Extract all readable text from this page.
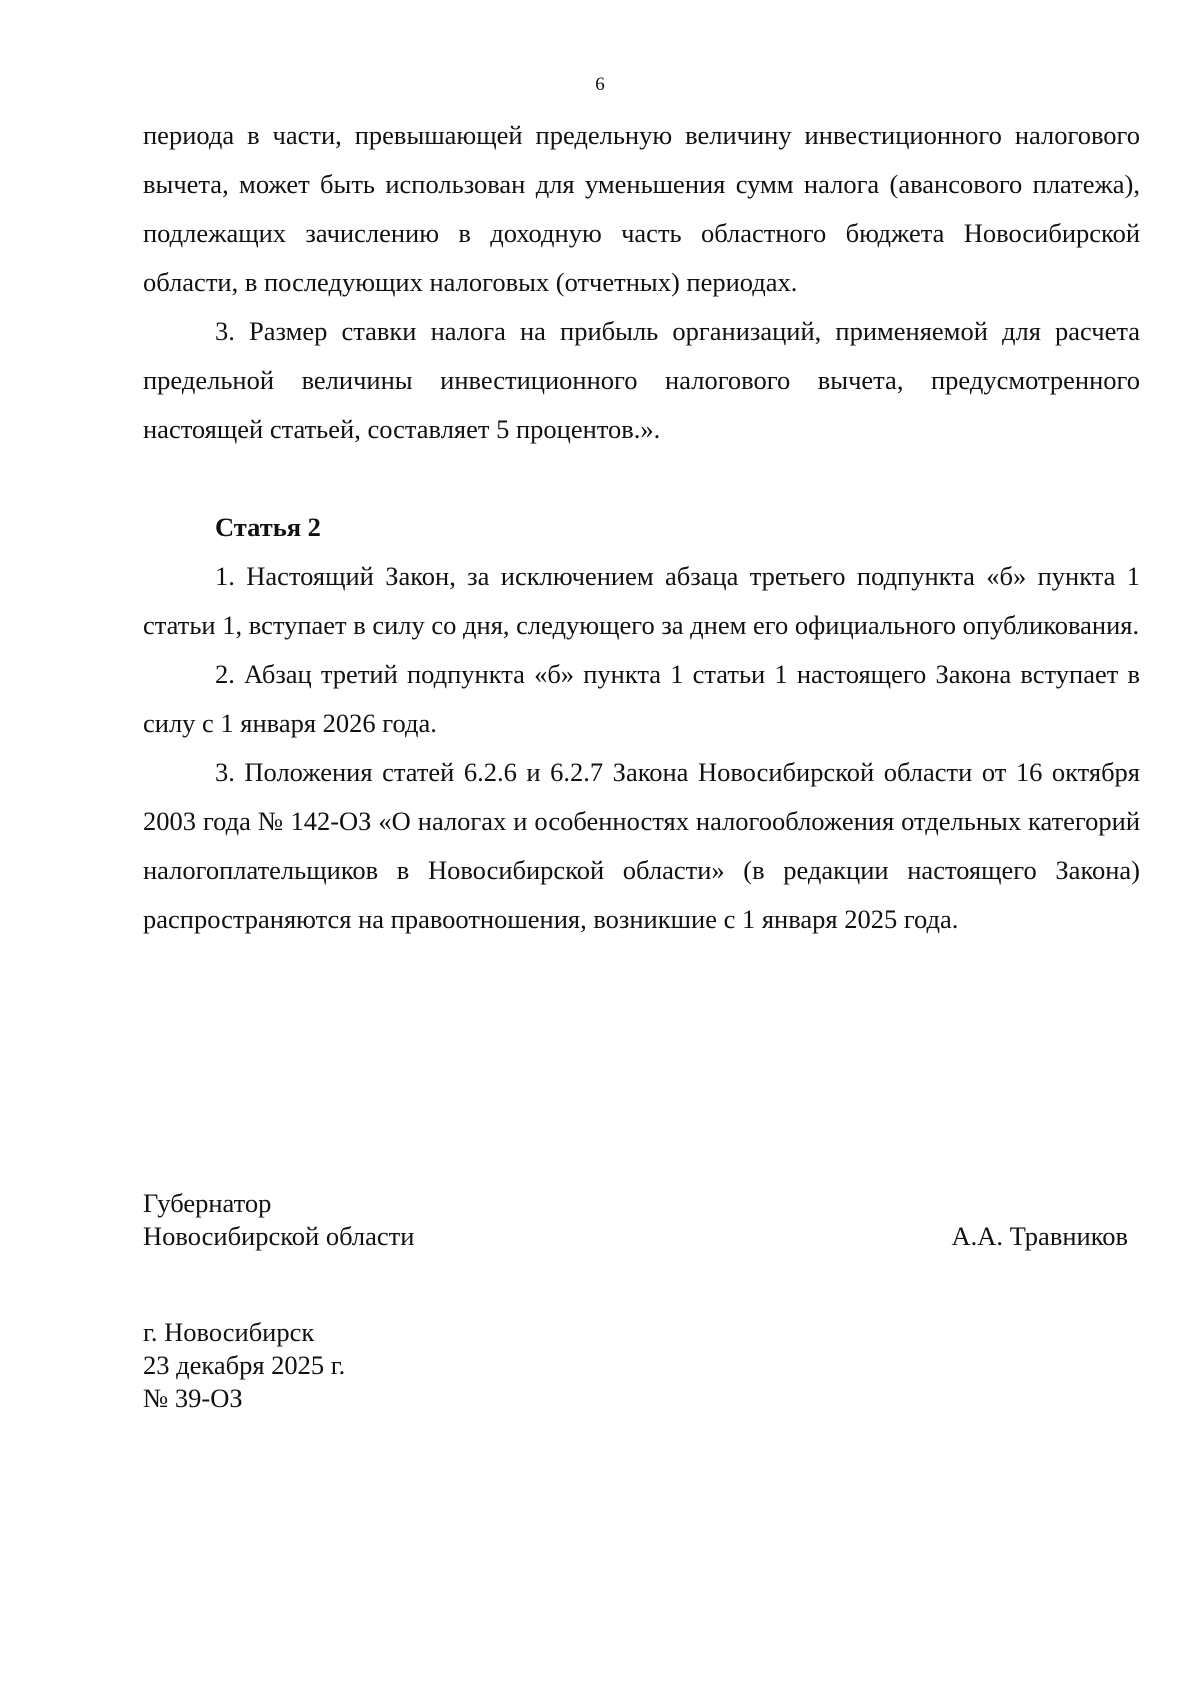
6

периода в части, превышающей предельную величину инвестиционного налогового вычета, может быть использован для уменьшения сумм налога (авансового платежа), подлежащих зачислению в доходную часть областного бюджета Новосибирской области, в последующих налоговых (отчетных) периодах.

3. Размер ставки налога на прибыль организаций, применяемой для расчета предельной величины инвестиционного налогового вычета, предусмотренного настоящей статьей, составляет 5 процентов.».

Статья 2

1. Настоящий Закон, за исключением абзаца третьего подпункта «б» пункта 1 статьи 1, вступает в силу со дня, следующего за днем его официального опубликования.

2. Абзац третий подпункта «б» пункта 1 статьи 1 настоящего Закона вступает в силу с 1 января 2026 года.

3. Положения статей 6.2.6 и 6.2.7 Закона Новосибирской области от 16 октября 2003 года № 142-ОЗ «О налогах и особенностях налогообложения отдельных категорий налогоплательщиков в Новосибирской области» (в редакции настоящего Закона) распространяются на правоотношения, возникшие с 1 января 2025 года.

Губернатор
Новосибирской области	А.А. Травников
г. Новосибирск
23 декабря 2025 г.
№ 39-ОЗ
